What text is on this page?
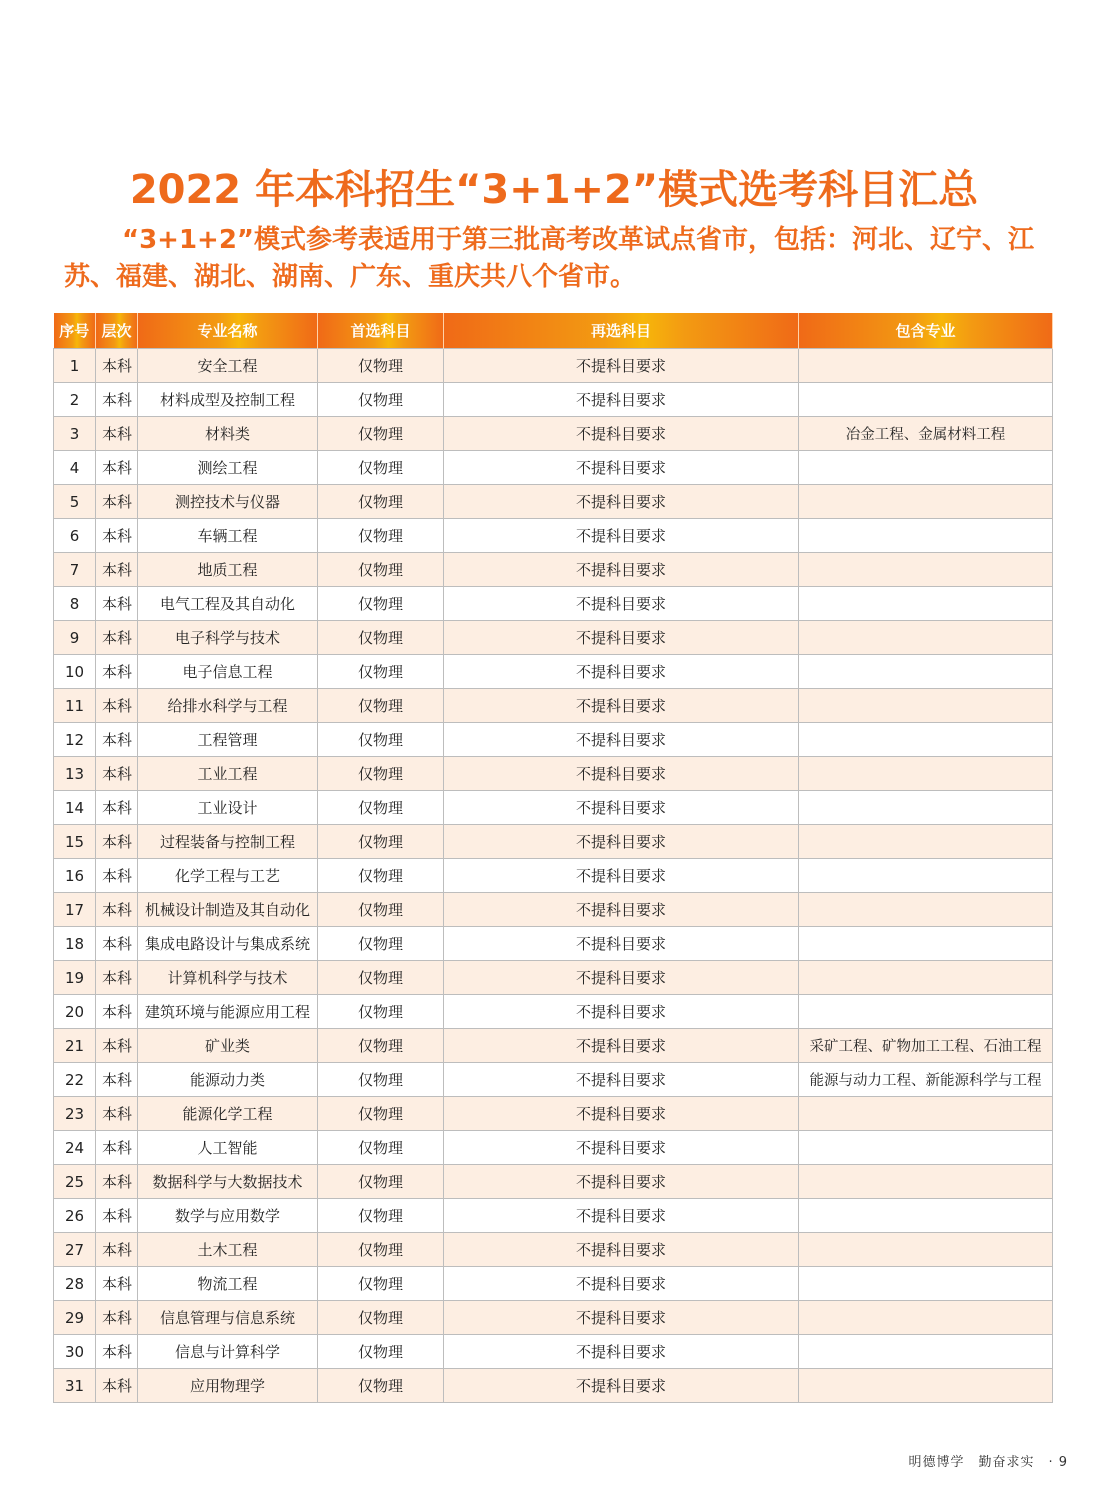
2022 年本科招生“3+1+2”模式选考科目汇总
“3+1+2”模式参考表适用于第三批高考改革试点省市，包括：河北、辽宁、江苏、福建、湖北、湖南、广东、重庆共八个省市。
序号	层次	专业名称	首选科目	再选科目	包含专业
1	本科	安全工程	仅物理	不提科目要求	
2	本科	材料成型及控制工程	仅物理	不提科目要求	
3	本科	材料类	仅物理	不提科目要求	冶金工程、金属材料工程
4	本科	测绘工程	仅物理	不提科目要求	
5	本科	测控技术与仪器	仅物理	不提科目要求	
6	本科	车辆工程	仅物理	不提科目要求	
7	本科	地质工程	仅物理	不提科目要求	
8	本科	电气工程及其自动化	仅物理	不提科目要求	
9	本科	电子科学与技术	仅物理	不提科目要求	
10	本科	电子信息工程	仅物理	不提科目要求	
11	本科	给排水科学与工程	仅物理	不提科目要求	
12	本科	工程管理	仅物理	不提科目要求	
13	本科	工业工程	仅物理	不提科目要求	
14	本科	工业设计	仅物理	不提科目要求	
15	本科	过程装备与控制工程	仅物理	不提科目要求	
16	本科	化学工程与工艺	仅物理	不提科目要求	
17	本科	机械设计制造及其自动化	仅物理	不提科目要求	
18	本科	集成电路设计与集成系统	仅物理	不提科目要求	
19	本科	计算机科学与技术	仅物理	不提科目要求	
20	本科	建筑环境与能源应用工程	仅物理	不提科目要求	
21	本科	矿业类	仅物理	不提科目要求	采矿工程、矿物加工工程、石油工程
22	本科	能源动力类	仅物理	不提科目要求	能源与动力工程、新能源科学与工程
23	本科	能源化学工程	仅物理	不提科目要求	
24	本科	人工智能	仅物理	不提科目要求	
25	本科	数据科学与大数据技术	仅物理	不提科目要求	
26	本科	数学与应用数学	仅物理	不提科目要求	
27	本科	土木工程	仅物理	不提科目要求	
28	本科	物流工程	仅物理	不提科目要求	
29	本科	信息管理与信息系统	仅物理	不提科目要求	
30	本科	信息与计算科学	仅物理	不提科目要求	
31	本科	应用物理学	仅物理	不提科目要求	
明德博学　勤奋求实　· 9
